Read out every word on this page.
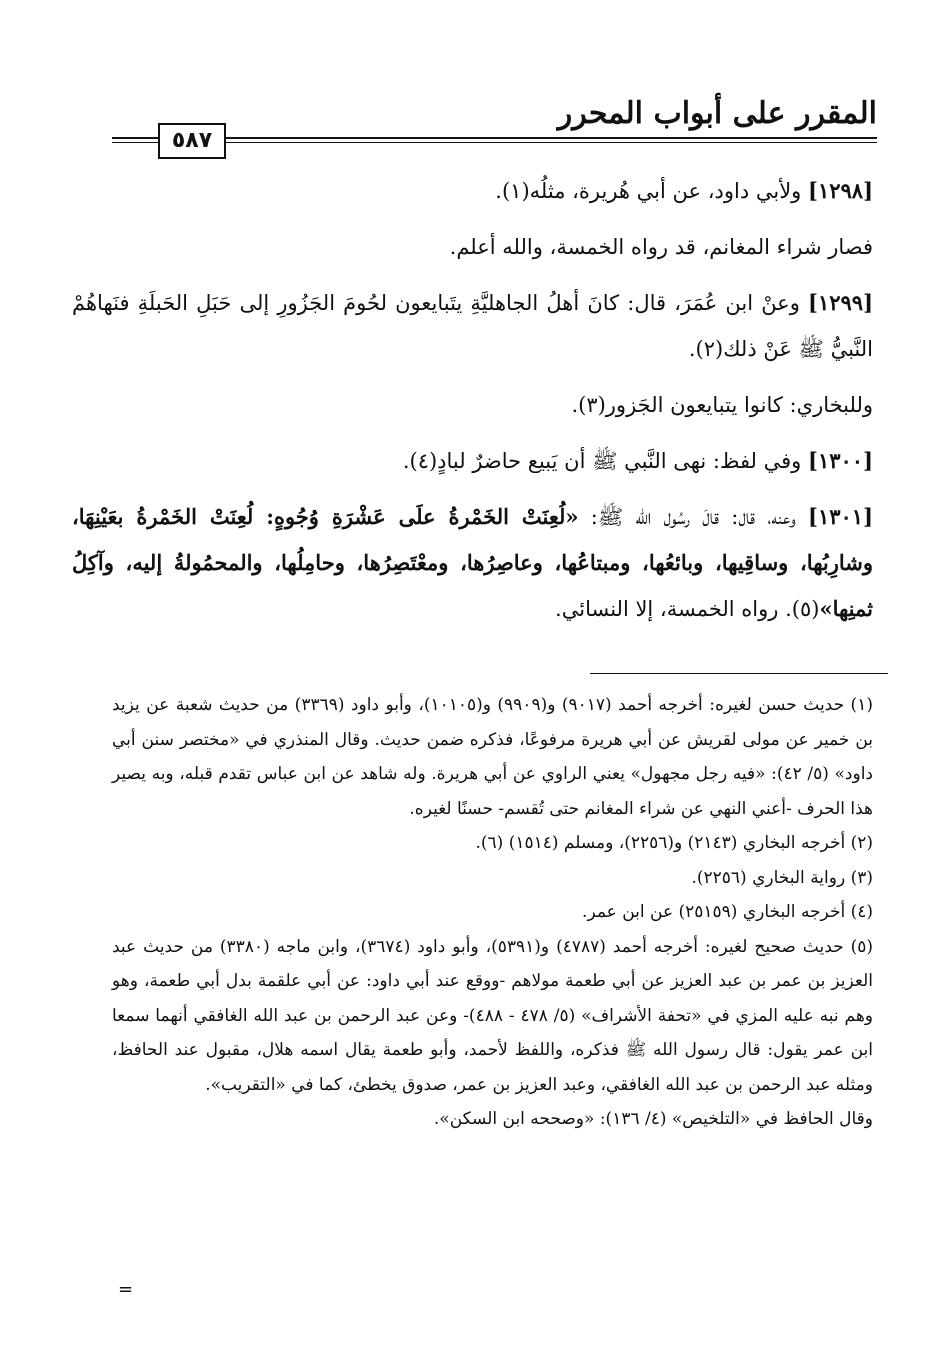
المقرر على أبواب المحرر
٥٨٧

[١٢٩٨] ولأبي داود، عن أبي هُريرة، مثلُه(١).

فصار شراء المغانم، قد رواه الخمسة، والله أعلم.

[١٢٩٩] وعنْ ابن عُمَرَ، قال: كانَ أهلُ الجاهليَّةِ يتَبايعون لحُومَ الجَزُورِ إلى حَبَلِ الحَبلَةِ فنَهاهُمْ النَّبيُّ ﷺ عَنْ ذلك(٢).

وللبخاري: كانوا يتبايعون الجَزور(٣).

[١٣٠٠] وفي لفظ: نهى النَّبي ﷺ أن يَبيع حاضرٌ لبادٍ(٤).

[١٣٠١] وعنه، قال: قالَ رسُول الله ﷺ: «لُعِنَتْ الخَمْرةُ علَى عَشْرَةِ وُجُوهٍ: لُعِنَتْ الخَمْرةُ بعَيْنِهَا، وشارِبُها، وساقِيها، وبائعُها، ومبتاعُها، وعاصِرُها، ومعْتَصِرُها، وحامِلُها، والمحمُولةُ إليه، وآكِلُ ثمنِها»(٥). رواه الخمسة، إلا النسائي.

(١) حديث حسن لغيره: أخرجه أحمد (٩٠١٧) و(٩٩٠٩) و(١٠١٠٥)، وأبو داود (٣٣٦٩) من حديث شعبة عن يزيد بن خمير عن مولى لقريش عن أبي هريرة مرفوعًا، فذكره ضمن حديث. وقال المنذري في «مختصر سنن أبي داود» (٥/ ٤٢): «فيه رجل مجهول» يعني الراوي عن أبي هريرة. وله شاهد عن ابن عباس تقدم قبله، وبه يصير هذا الحرف -أعني النهي عن شراء المغانم حتى تُقسم- حسنًا لغيره.

(٢) أخرجه البخاري (٢١٤٣) و(٢٢٥٦)، ومسلم (١٥١٤) (٦).

(٣) رواية البخاري (٢٢٥٦).

(٤) أخرجه البخاري (٢٥١٥٩) عن ابن عمر.

(٥) حديث صحيح لغيره: أخرجه أحمد (٤٧٨٧) و(٥٣٩١)، وأبو داود (٣٦٧٤)، وابن ماجه (٣٣٨٠) من حديث عبد العزيز بن عمر بن عبد العزيز عن أبي طعمة مولاهم -ووقع عند أبي داود: عن أبي علقمة بدل أبي طعمة، وهو وهم نبه عليه المزي في «تحفة الأشراف» (٥/ ٤٧٨ - ٤٨٨)- وعن عبد الرحمن بن عبد الله الغافقي أنهما سمعا ابن عمر يقول: قال رسول الله ﷺ فذكره، واللفظ لأحمد، وأبو طعمة يقال اسمه هلال، مقبول عند الحافظ، ومثله عبد الرحمن بن عبد الله الغافقي، وعبد العزيز بن عمر، صدوق يخطئ، كما في «التقريب».

وقال الحافظ في «التلخيص» (٤/ ١٣٦): «وصححه ابن السكن».

=
